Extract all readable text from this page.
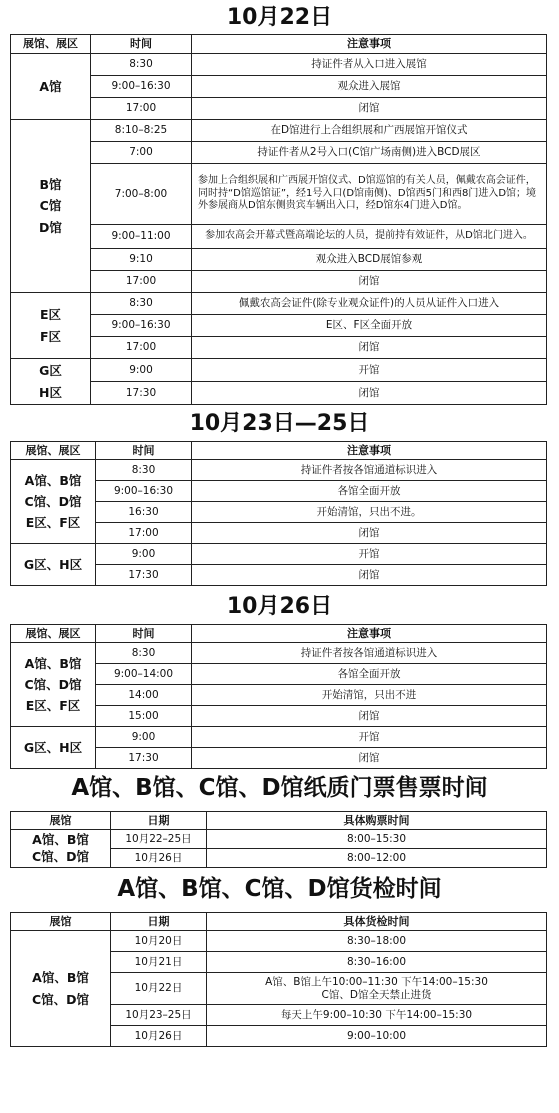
10月22日
展馆、展区	时间	注意事项

A馆	8:30	持证件者从入口进入展馆
	9:00–16:30	观众进入展馆
	17:00	闭馆

B馆
C馆
D馆	8:10–8:25	在D馆进行上合组织展和广西展馆开馆仪式
	7:00	持证件者从2号入口(C馆广场南侧)进入BCD展区
	7:00–8:00	参加上合组织展和广西展开馆仪式、D馆巡馆的有关人员，佩戴农高会证件，同时持“D馆巡馆证”，经1号入口(D馆南侧)、D馆西5门和西8门进入D馆；境外参展商从D馆东侧贵宾车辆出入口，经D馆东4门进入D馆。
	9:00–11:00	参加农高会开幕式暨高端论坛的人员，提前持有效证件，从D馆北门进入。
	9:10	观众进入BCD展馆参观
	17:00	闭馆

E区
F区	8:30	佩戴农高会证件(除专业观众证件)的人员从证件入口进入
	9:00–16:30	E区、F区全面开放
	17:00	闭馆

G区
H区	9:00	开馆
	17:30	闭馆
10月23日—25日
展馆、展区	时间	注意事项

A馆、B馆
C馆、D馆
E区、F区	8:30	持证件者按各馆通道标识进入
	9:00–16:30	各馆全面开放
	16:30	开始清馆，只出不进。
	17:00	闭馆

G区、H区	9:00	开馆
	17:30	闭馆
10月26日
展馆、展区	时间	注意事项

A馆、B馆
C馆、D馆
E区、F区	8:30	持证件者按各馆通道标识进入
	9:00–14:00	各馆全面开放
	14:00	开始清馆，只出不进
	15:00	闭馆

G区、H区	9:00	开馆
	17:30	闭馆
A馆、B馆、C馆、D馆纸质门票售票时间
展馆	日期	具体购票时间

A馆、B馆
C馆、D馆	10月22–25日	8:00–15:30
	10月26日	8:00–12:00
A馆、B馆、C馆、D馆货检时间
展馆	日期	具体货检时间

A馆、B馆
C馆、D馆	10月20日	8:30–18:00
	10月21日	8:30–16:00
	10月22日	A馆、B馆上午10:00–11:30 下午14:00–15:30
C馆、D馆全天禁止进货
	10月23–25日	每天上午9:00–10:30 下午14:00–15:30
	10月26日	9:00–10:00
